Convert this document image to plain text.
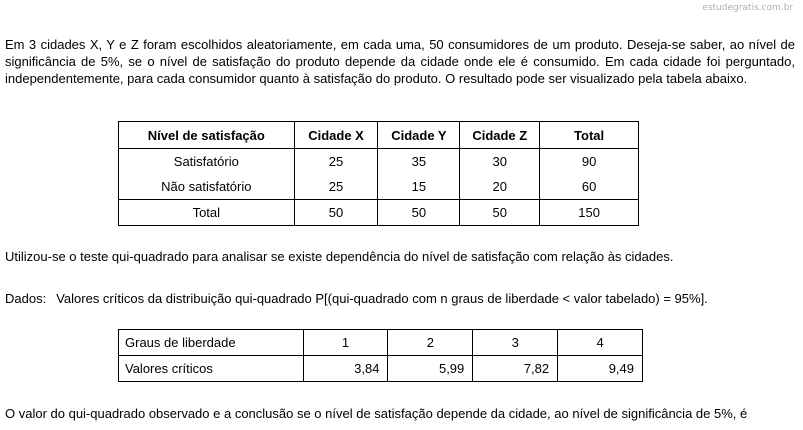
estudegratis.com.br

Em 3 cidades X, Y e Z foram escolhidos aleatoriamente, em cada uma, 50 consumidores de um produto. Deseja-se saber, ao nível de significância de 5%, se o nível de satisfação do produto depende da cidade onde ele é consumido. Em cada cidade foi perguntado, independentemente, para cada consumidor quanto à satisfação do produto. O resultado pode ser visualizado pela tabela abaixo.

Nível de satisfação	Cidade X	Cidade Y	Cidade Z	Total
Satisfatório	25	35	30	90
Não satisfatório	25	15	20	60
Total	50	50	50	150

Utilizou-se o teste qui-quadrado para analisar se existe dependência do nível de satisfação com relação às cidades.

Dados: Valores críticos da distribuição qui-quadrado P[(qui-quadrado com n graus de liberdade < valor tabelado) = 95%].

Graus de liberdade	1	2	3	4
Valores críticos	3,84	5,99	7,82	9,49

O valor do qui-quadrado observado e a conclusão se o nível de satisfação depende da cidade, ao nível de significância de 5%, é
